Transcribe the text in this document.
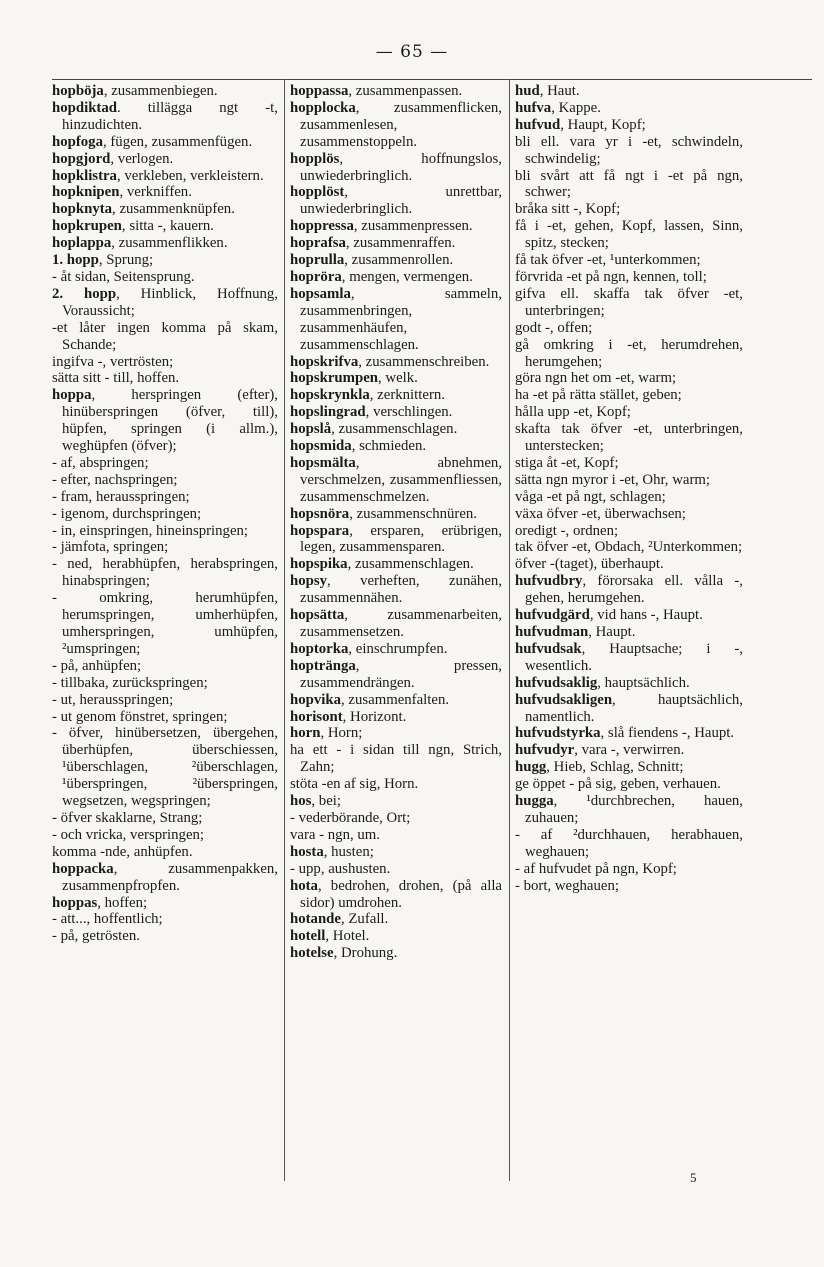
— 65 —

hopböja, zusammenbiegen.

hopdiktad. tillägga ngt -t, hinzudichten.

hopfoga, fügen, zusammenfügen.

hopgjord, verlogen.

hopklistra, verkleben, verkleistern.

hopknipen, verkniffen.

hopknyta, zusammenknüpfen.

hopkrupen, sitta -, kauern.

hoplappa, zusammenflikken.

1. hopp, Sprung;

- åt sidan, Seitensprung.

2. hopp, Hinblick, Hoffnung, Voraussicht;

-et låter ingen komma på skam, Schande;

ingifva -, vertrösten;

sätta sitt - till, hoffen.

hoppa, herspringen (efter), hinüberspringen (öfver, till), hüpfen, springen (i allm.), weghüpfen (öfver);

- af, abspringen;

- efter, nachspringen;

- fram, herausspringen;

- igenom, durchspringen;

- in, einspringen, hineinspringen;

- jämfota, springen;

- ned, herabhüpfen, herabspringen, hinabspringen;

- omkring, herumhüpfen, herumspringen, umherhüpfen, umherspringen, umhüpfen, ²umspringen;

- på, anhüpfen;

- tillbaka, zurückspringen;

- ut, herausspringen;

- ut genom fönstret, springen;

- öfver, hinübersetzen, übergehen, überhüpfen, überschiessen, ¹überschlagen, ²überschlagen, ¹überspringen, ²überspringen, wegsetzen, wegspringen;

- öfver skaklarne, Strang;

- och vricka, verspringen;

komma -nde, anhüpfen.

hoppacka, zusammenpakken, zusammenpfropfen.

hoppas, hoffen;

- att..., hoffentlich;

- på, getrösten.

hoppassa, zusammenpassen.

hopplocka, zusammenflicken, zusammenlesen, zusammenstoppeln.

hopplös, hoffnungslos, unwiederbringlich.

hopplöst, unrettbar, unwiederbringlich.

hoppressa, zusammenpressen.

hoprafsa, zusammenraffen.

hoprulla, zusammenrollen.

hopröra, mengen, vermengen.

hopsamla, sammeln, zusammenbringen, zusammenhäufen, zusammenschlagen.

hopskrifva, zusammenschreiben.

hopskrumpen, welk.

hopskrynkla, zerknittern.

hopslingrad, verschlingen.

hopslå, zusammenschlagen.

hopsmida, schmieden.

hopsmälta, abnehmen, verschmelzen, zusammenfliessen, zusammenschmelzen.

hopsnöra, zusammenschnüren.

hopspara, ersparen, erübrigen, legen, zusammensparen.

hopspika, zusammenschlagen.

hopsy, verheften, zunähen, zusammennähen.

hopsätta, zusammenarbeiten, zusammensetzen.

hoptorka, einschrumpfen.

hoptränga, pressen, zusammendrängen.

hopvika, zusammenfalten.

horisont, Horizont.

horn, Horn;

ha ett - i sidan till ngn, Strich, Zahn;

stöta -en af sig, Horn.

hos, bei;

- vederbörande, Ort;

vara - ngn, um.

hosta, husten;

- upp, aushusten.

hota, bedrohen, drohen, (på alla sidor) umdrohen.

hotande, Zufall.

hotell, Hotel.

hotelse, Drohung.

hud, Haut.

hufva, Kappe.

hufvud, Haupt, Kopf;

bli ell. vara yr i -et, schwindeln, schwindelig;

bli svårt att få ngt i -et på ngn, schwer;

bråka sitt -, Kopf;

få i -et, gehen, Kopf, lassen, Sinn, spitz, stecken;

få tak öfver -et, ¹unterkommen;

förvrida -et på ngn, kennen, toll;

gifva ell. skaffa tak öfver -et, unterbringen;

godt -, offen;

gå omkring i -et, herumdrehen, herumgehen;

göra ngn het om -et, warm;

ha -et på rätta stället, geben;

hålla upp -et, Kopf;

skafta tak öfver -et, unterbringen, unterstecken;

stiga åt -et, Kopf;

sätta ngn myror i -et, Ohr, warm;

våga -et på ngt, schlagen;

växa öfver -et, überwachsen;

oredigt -, ordnen;

tak öfver -et, Obdach, ²Unterkommen;

öfver -(taget), überhaupt.

hufvudbry, förorsaka ell. vålla -, gehen, herumgehen.

hufvudgärd, vid hans -, Haupt.

hufvudman, Haupt.

hufvudsak, Hauptsache; i -, wesentlich.

hufvudsaklig, hauptsächlich.

hufvudsakligen, hauptsächlich, namentlich.

hufvudstyrka, slå fiendens -, Haupt.

hufvudyr, vara -, verwirren.

hugg, Hieb, Schlag, Schnitt;

ge öppet - på sig, geben, verhauen.

hugga, ¹durchbrechen, hauen, zuhauen;

- af ²durchhauen, herabhauen, weghauen;

- af hufvudet på ngn, Kopf;

- bort, weghauen;

5
